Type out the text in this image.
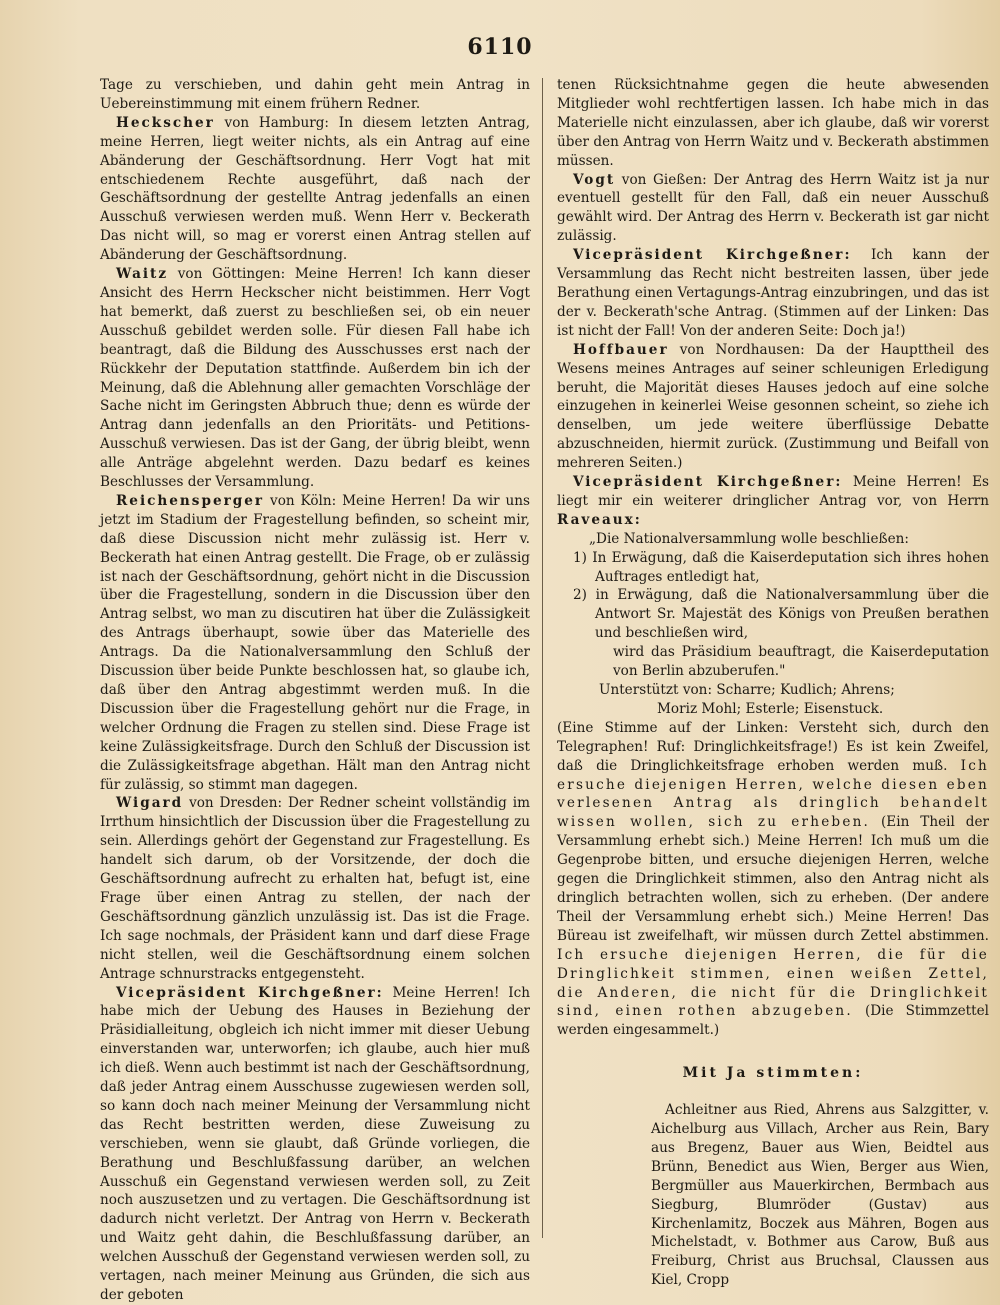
6110

Tage zu verschieben, und dahin geht mein Antrag in Uebereinstimmung mit einem frühern Redner.

Heckscher von Hamburg: In diesem letzten Antrag, meine Herren, liegt weiter nichts, als ein Antrag auf eine Abänderung der Geschäftsordnung. Herr Vogt hat mit entschiedenem Rechte ausgeführt, daß nach der Geschäftsordnung der gestellte Antrag jedenfalls an einen Ausschuß verwiesen werden muß. Wenn Herr v. Beckerath Das nicht will, so mag er vorerst einen Antrag stellen auf Abänderung der Geschäftsordnung.

Waitz von Göttingen: Meine Herren! Ich kann dieser Ansicht des Herrn Heckscher nicht beistimmen. Herr Vogt hat bemerkt, daß zuerst zu beschließen sei, ob ein neuer Ausschuß gebildet werden solle. Für diesen Fall habe ich beantragt, daß die Bildung des Ausschusses erst nach der Rückkehr der Deputation stattfinde. Außerdem bin ich der Meinung, daß die Ablehnung aller gemachten Vorschläge der Sache nicht im Geringsten Abbruch thue; denn es würde der Antrag dann jedenfalls an den Prioritäts- und Petitions-Ausschuß verwiesen. Das ist der Gang, der übrig bleibt, wenn alle Anträge abgelehnt werden. Dazu bedarf es keines Beschlusses der Versammlung.

Reichensperger von Köln: Meine Herren! Da wir uns jetzt im Stadium der Fragestellung befinden, so scheint mir, daß diese Discussion nicht mehr zulässig ist. Herr v. Beckerath hat einen Antrag gestellt. Die Frage, ob er zulässig ist nach der Geschäftsordnung, gehört nicht in die Discussion über die Fragestellung, sondern in die Discussion über den Antrag selbst, wo man zu discutiren hat über die Zulässigkeit des Antrags überhaupt, sowie über das Materielle des Antrags. Da die Nationalversammlung den Schluß der Discussion über beide Punkte beschlossen hat, so glaube ich, daß über den Antrag abgestimmt werden muß. In die Discussion über die Fragestellung gehört nur die Frage, in welcher Ordnung die Fragen zu stellen sind. Diese Frage ist keine Zulässigkeitsfrage. Durch den Schluß der Discussion ist die Zulässigkeitsfrage abgethan. Hält man den Antrag nicht für zulässig, so stimmt man dagegen.

Wigard von Dresden: Der Redner scheint vollständig im Irrthum hinsichtlich der Discussion über die Fragestellung zu sein. Allerdings gehört der Gegenstand zur Fragestellung. Es handelt sich darum, ob der Vorsitzende, der doch die Geschäftsordnung aufrecht zu erhalten hat, befugt ist, eine Frage über einen Antrag zu stellen, der nach der Geschäftsordnung gänzlich unzulässig ist. Das ist die Frage. Ich sage nochmals, der Präsident kann und darf diese Frage nicht stellen, weil die Geschäftsordnung einem solchen Antrage schnurstracks entgegensteht.

Vicepräsident Kirchgeßner: Meine Herren! Ich habe mich der Uebung des Hauses in Beziehung der Präsidialleitung, obgleich ich nicht immer mit dieser Uebung einverstanden war, unterworfen; ich glaube, auch hier muß ich dieß. Wenn auch bestimmt ist nach der Geschäftsordnung, daß jeder Antrag einem Ausschusse zugewiesen werden soll, so kann doch nach meiner Meinung der Versammlung nicht das Recht bestritten werden, diese Zuweisung zu verschieben, wenn sie glaubt, daß Gründe vorliegen, die Berathung und Beschlußfassung darüber, an welchen Ausschuß ein Gegenstand verwiesen werden soll, zu Zeit noch auszusetzen und zu vertagen. Die Geschäftsordnung ist dadurch nicht verletzt. Der Antrag von Herrn v. Beckerath und Waitz geht dahin, die Beschlußfassung darüber, an welchen Ausschuß der Gegenstand verwiesen werden soll, zu vertagen, nach meiner Meinung aus Gründen, die sich aus der geboten

tenen Rücksichtnahme gegen die heute abwesenden Mitglieder wohl rechtfertigen lassen. Ich habe mich in das Materielle nicht einzulassen, aber ich glaube, daß wir vorerst über den Antrag von Herrn Waitz und v. Beckerath abstimmen müssen.

Vogt von Gießen: Der Antrag des Herrn Waitz ist ja nur eventuell gestellt für den Fall, daß ein neuer Ausschuß gewählt wird. Der Antrag des Herrn v. Beckerath ist gar nicht zulässig.

Vicepräsident Kirchgeßner: Ich kann der Versammlung das Recht nicht bestreiten lassen, über jede Berathung einen Vertagungs-Antrag einzubringen, und das ist der v. Beckerath'sche Antrag. (Stimmen auf der Linken: Das ist nicht der Fall! Von der anderen Seite: Doch ja!)

Hoffbauer von Nordhausen: Da der Haupttheil des Wesens meines Antrages auf seiner schleunigen Erledigung beruht, die Majorität dieses Hauses jedoch auf eine solche einzugehen in keinerlei Weise gesonnen scheint, so ziehe ich denselben, um jede weitere überflüssige Debatte abzuschneiden, hiermit zurück. (Zustimmung und Beifall von mehreren Seiten.)

Vicepräsident Kirchgeßner: Meine Herren! Es liegt mir ein weiterer dringlicher Antrag vor, von Herrn Raveaux:

„Die Nationalversammlung wolle beschließen:

1) In Erwägung, daß die Kaiserdeputation sich ihres hohen Auftrages entledigt hat,

2) in Erwägung, daß die Nationalversammlung über die Antwort Sr. Majestät des Königs von Preußen berathen und beschließen wird,

wird das Präsidium beauftragt, die Kaiserdeputation von Berlin abzuberufen."

Unterstützt von: Scharre; Kudlich; Ahrens;

Moriz Mohl; Esterle; Eisenstuck.

(Eine Stimme auf der Linken: Versteht sich, durch den Telegraphen! Ruf: Dringlichkeitsfrage!) Es ist kein Zweifel, daß die Dringlichkeitsfrage erhoben werden muß. Ich ersuche diejenigen Herren, welche diesen eben verlesenen Antrag als dringlich behandelt wissen wollen, sich zu erheben. (Ein Theil der Versammlung erhebt sich.) Meine Herren! Ich muß um die Gegenprobe bitten, und ersuche diejenigen Herren, welche gegen die Dringlichkeit stimmen, also den Antrag nicht als dringlich betrachten wollen, sich zu erheben. (Der andere Theil der Versammlung erhebt sich.) Meine Herren! Das Büreau ist zweifelhaft, wir müssen durch Zettel abstimmen. Ich ersuche diejenigen Herren, die für die Dringlichkeit stimmen, einen weißen Zettel, die Anderen, die nicht für die Dringlichkeit sind, einen rothen abzugeben. (Die Stimmzettel werden eingesammelt.)

Mit Ja stimmten:

Achleitner aus Ried, Ahrens aus Salzgitter, v. Aichelburg aus Villach, Archer aus Rein, Bary aus Bregenz, Bauer aus Wien, Beidtel aus Brünn, Benedict aus Wien, Berger aus Wien, Bergmüller aus Mauerkirchen, Bermbach aus Siegburg, Blumröder (Gustav) aus Kirchenlamitz, Boczek aus Mähren, Bogen aus Michelstadt, v. Bothmer aus Carow, Buß aus Freiburg, Christ aus Bruchsal, Claussen aus Kiel, Cropp
